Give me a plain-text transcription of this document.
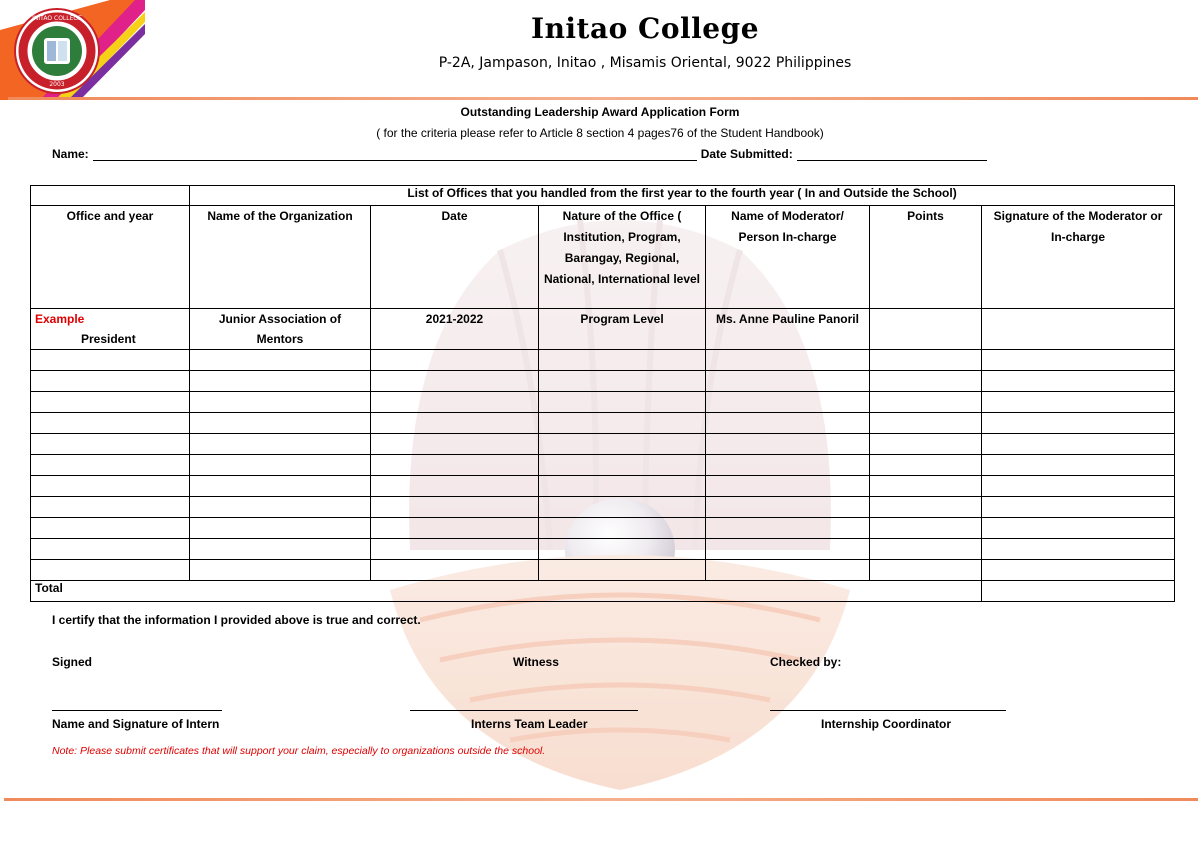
2003
INITAO COLLEGE	Initao College
P-2A, Jampason, Initao , Misamis Oriental, 9022 Philippines
Outstanding Leadership Award Application Form
( for the criteria please refer to Article 8 section 4 pages76 of the Student Handbook)
Name:	Date Submitted:
	List of Offices that you handled from the first year to the fourth year ( In and Outside the School)					
Office and year	Name of the Organization	Date	Nature of the Office ( Institution, Program, Barangay, Regional, National, International level	Name of Moderator/ Person In-charge	Points	Signature of the Moderator or In-charge

Example
President	Junior Association of Mentors	2021-2022	Program Level	Ms. Anne Pauline Panoril		

Total						
I certify that the information I provided above is true and correct.
Signed	Witness	Checked by:
Name and Signature of Intern	Interns Team Leader	Internship Coordinator
Note: Please submit certificates that will support your claim, especially to organizations outside the school.
